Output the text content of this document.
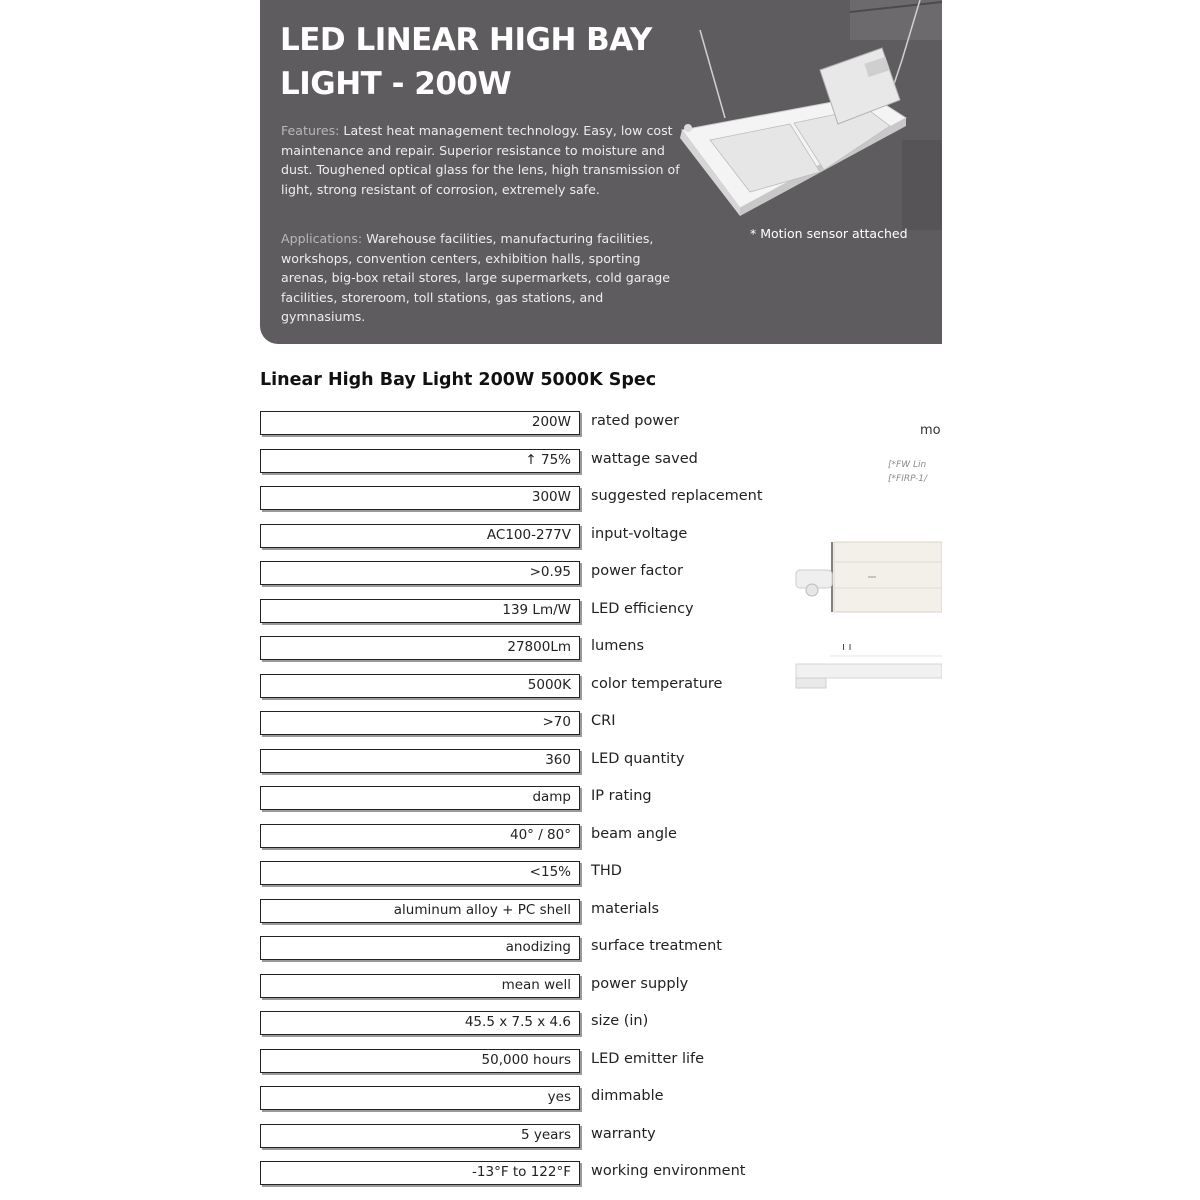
LED LINEAR HIGH BAY
LIGHT - 200W
Features: Latest heat management technology. Easy, low cost maintenance and repair. Superior resistance to moisture and dust. Toughened optical glass for the lens, high transmission of light, strong resistant of corrosion, extremely safe.
Applications: Warehouse facilities, manufacturing facilities, workshops, convention centers, exhibition halls, sporting arenas, big-box retail stores, large supermarkets, cold garage facilities, storeroom, toll stations, gas stations, and gymnasiums.
* Motion sensor attached
Linear High Bay Light 200W 5000K Spec
200W	rated power
↑ 75%	wattage saved
300W	suggested replacement
AC100-277V	input-voltage
>0.95	power factor
139 Lm/W	LED efficiency
27800Lm	lumens
5000K	color temperature
>70	CRI
360	LED quantity
damp	IP rating
40° / 80°	beam angle
<15%	THD
aluminum alloy + PC shell	materials
anodizing	surface treatment
mean well	power supply
45.5 x 7.5 x 4.6	size (in)
50,000 hours	LED emitter life
yes	dimmable
5 years	warranty
-13°F to 122°F	working environment
mo
[*FW Lin
[*FIRP-1/
ı ı
